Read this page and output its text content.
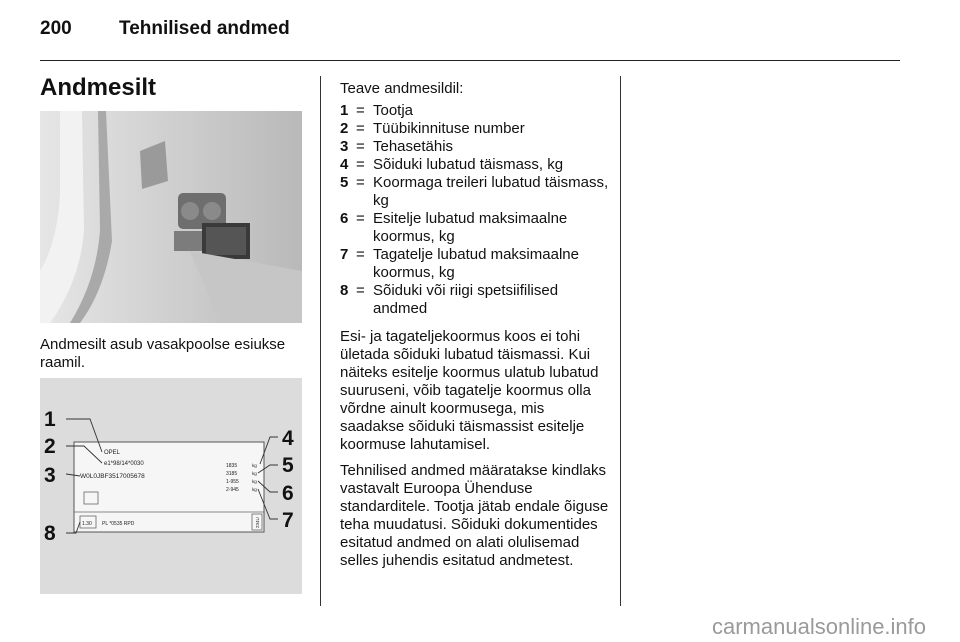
200 Tehnilised andmed
Andmesilt
Andmesilt asub vasakpoolse esiukse raamil.
OPEL
e1*98/14*0030
W0L0JBF3517005678
1835
3185
1-955
2-945
kg
kg
kg
kg
1.30 PL *0535 RPD	234U
1
2
3
4
5
6
7
8

Teave andmesildil:

1 = Tootja
2 = Tüübikinnituse number
3 = Tehasetähis
4 = Sõiduki lubatud täismass, kg
5 = Koormaga treileri lubatud täismass, kg
6 = Esitelje lubatud maksimaalne koormus, kg
7 = Tagatelje lubatud maksimaalne koormus, kg
8 = Sõiduki või riigi spetsiifilised andmed

Esi- ja tagateljekoormus koos ei tohi ületada sõiduki lubatud täismassi. Kui näiteks esitelje koormus ulatub lubatud suuruseni, võib tagatelje koormus olla võrdne ainult koormusega, mis saadakse sõiduki täismassist esitelje koormuse lahutamisel.

Tehnilised andmed määratakse kindlaks vastavalt Euroopa Ühenduse standarditele. Tootja jätab endale õiguse teha muudatusi. Sõiduki dokumentides esitatud andmed on alati olulisemad selles juhendis esitatud andmetest.

carmanualsonline.info
